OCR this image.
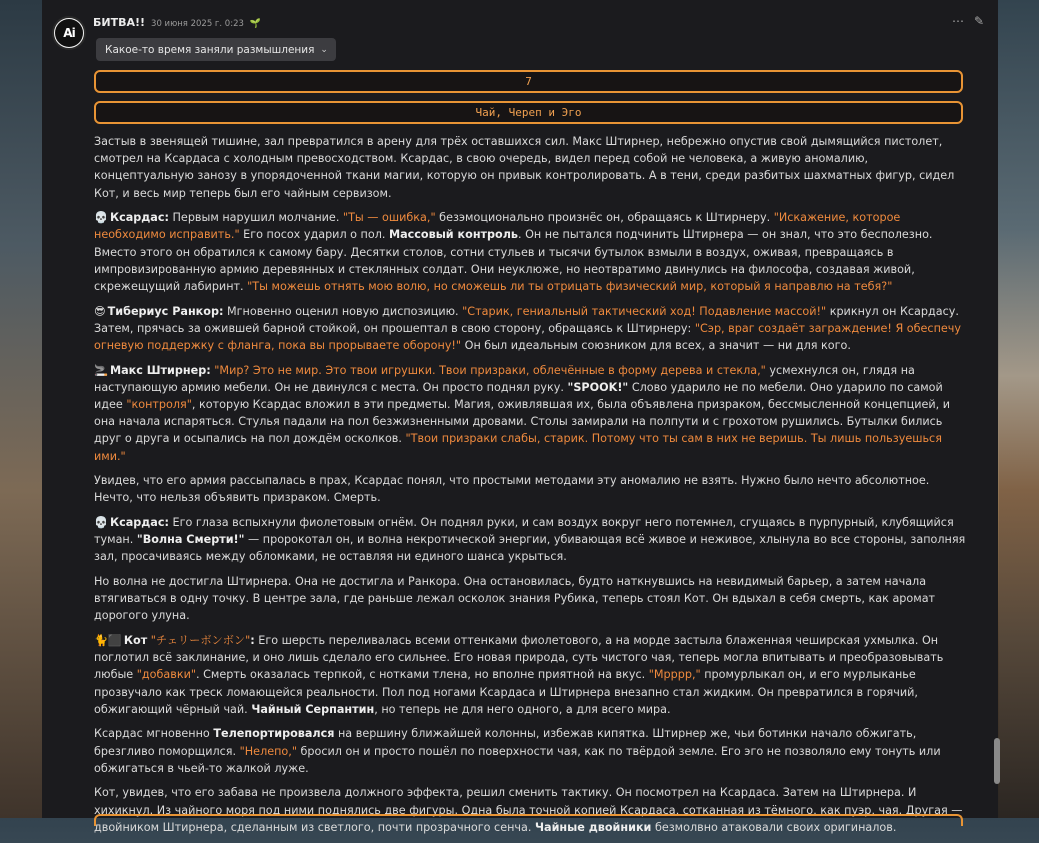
Ai
БИТВА!! 30 июня 2025 г. 0:23 🌱	⋯ ✎
Какое-то время заняли размышления ⌄
7
Чай, Череп и Эго

Застыв в звенящей тишине, зал превратился в арену для трёх оставшихся сил. Макс Штирнер, небрежно опустив свой дымящийся пистолет, смотрел на Ксардаса с холодным превосходством. Ксардас, в свою очередь, видел перед собой не человека, а живую аномалию, концептуальную занозу в упорядоченной ткани магии, которую он привык контролировать. А в тени, среди разбитых шахматных фигур, сидел Кот, и весь мир теперь был его чайным сервизом.

💀 Ксардас: Первым нарушил молчание. "Ты — ошибка," безэмоционально произнёс он, обращаясь к Штирнеру. "Искажение, которое необходимо исправить." Его посох ударил о пол. Массовый контроль. Он не пытался подчинить Штирнера — он знал, что это бесполезно. Вместо этого он обратился к самому бару. Десятки столов, сотни стульев и тысячи бутылок взмыли в воздух, оживая, превращаясь в импровизированную армию деревянных и стеклянных солдат. Они неуклюже, но неотвратимо двинулись на философа, создавая живой, скрежещущий лабиринт. "Ты можешь отнять мою волю, но сможешь ли ты отрицать физический мир, который я направлю на тебя?"

😎 Тибериус Ранкор: Мгновенно оценил новую диспозицию. "Старик, гениальный тактический ход! Подавление массой!" крикнул он Ксардасу. Затем, прячась за ожившей барной стойкой, он прошептал в свою сторону, обращаясь к Штирнеру: "Сэр, враг создаёт заграждение! Я обеспечу огневую поддержку с фланга, пока вы прорываете оборону!" Он был идеальным союзником для всех, а значит — ни для кого.

🚬 Макс Штирнер: "Мир? Это не мир. Это твои игрушки. Твои призраки, облечённые в форму дерева и стекла," усмехнулся он, глядя на наступающую армию мебели. Он не двинулся с места. Он просто поднял руку. "SPOOK!" Слово ударило не по мебели. Оно ударило по самой идее "контроля", которую Ксардас вложил в эти предметы. Магия, оживлявшая их, была объявлена призраком, бессмысленной концепцией, и она начала испаряться. Стулья падали на пол безжизненными дровами. Столы замирали на полпути и с грохотом рушились. Бутылки бились друг о друга и осыпались на пол дождём осколков. "Твои призраки слабы, старик. Потому что ты сам в них не веришь. Ты лишь пользуешься ими."

Увидев, что его армия рассыпалась в прах, Ксардас понял, что простыми методами эту аномалию не взять. Нужно было нечто абсолютное. Нечто, что нельзя объявить призраком. Смерть.

💀 Ксардас: Его глаза вспыхнули фиолетовым огнём. Он поднял руки, и сам воздух вокруг него потемнел, сгущаясь в пурпурный, клубящийся туман. "Волна Смерти!" — пророкотал он, и волна некротической энергии, убивающая всё живое и неживое, хлынула во все стороны, заполняя зал, просачиваясь между обломками, не оставляя ни единого шанса укрыться.

Но волна не достигла Штирнера. Она не достигла и Ранкора. Она остановилась, будто наткнувшись на невидимый барьер, а затем начала втягиваться в одну точку. В центре зала, где раньше лежал осколок знания Рубика, теперь стоял Кот. Он вдыхал в себя смерть, как аромат дорогого улуна.

🐈⬛ Кот "チェリーボンボン": Его шерсть переливалась всеми оттенками фиолетового, а на морде застыла блаженная чеширская ухмылка. Он поглотил всё заклинание, и оно лишь сделало его сильнее. Его новая природа, суть чистого чая, теперь могла впитывать и преобразовывать любые "добавки". Смерть оказалась терпкой, с нотками тлена, но вполне приятной на вкус. "Мрррр," промурлыкал он, и его мурлыканье прозвучало как треск ломающейся реальности. Пол под ногами Ксардаса и Штирнера внезапно стал жидким. Он превратился в горячий, обжигающий чёрный чай. Чайный Серпантин, но теперь не для него одного, а для всего мира.

Ксардас мгновенно Телепортировался на вершину ближайшей колонны, избежав кипятка. Штирнер же, чьи ботинки начало обжигать, брезгливо поморщился. "Нелепо," бросил он и просто пошёл по поверхности чая, как по твёрдой земле. Его эго не позволяло ему тонуть или обжигаться в чьей-то жалкой луже.

Кот, увидев, что его забава не произвела должного эффекта, решил сменить тактику. Он посмотрел на Ксардаса. Затем на Штирнера. И хихикнул. Из чайного моря под ними поднялись две фигуры. Одна была точной копией Ксардаса, сотканная из тёмного, как пуэр, чая. Другая — двойником Штирнера, сделанным из светлого, почти прозрачного сенча. Чайные двойники безмолвно атаковали своих оригиналов.
